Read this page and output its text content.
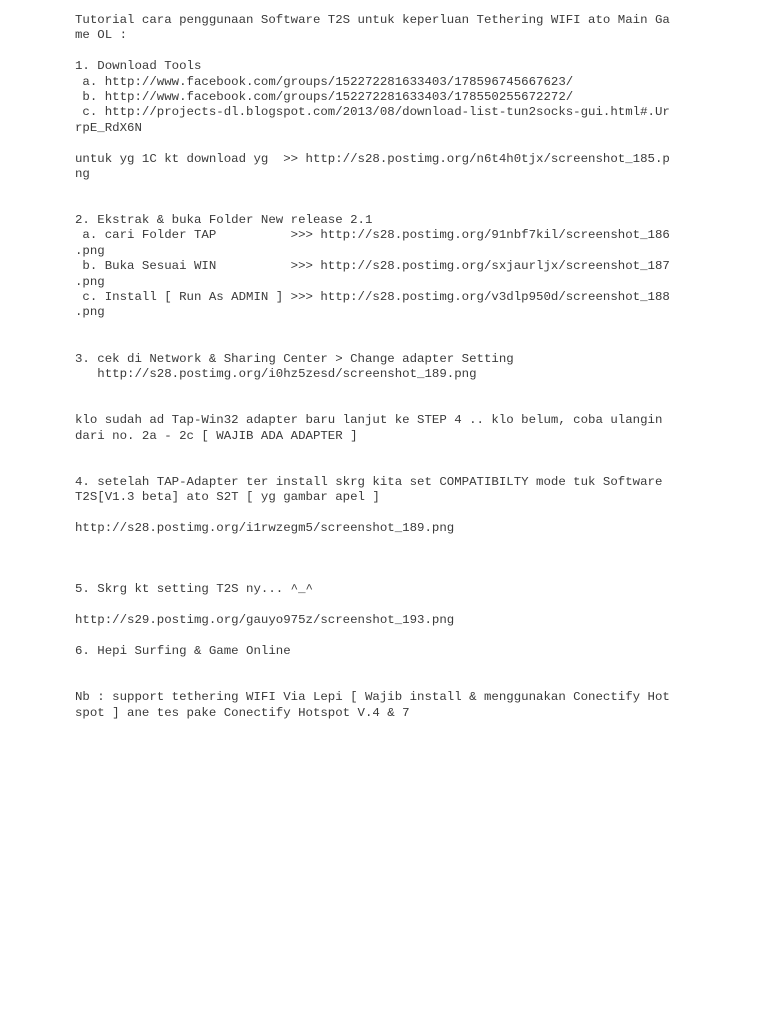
Tutorial cara penggunaan Software T2S untuk keperluan Tethering WIFI ato Main Ga
me OL :
1. Download Tools
a. http://www.facebook.com/groups/152272281633403/178596745667623/
b. http://www.facebook.com/groups/152272281633403/178550255672272/
c. http://projects-dl.blogspot.com/2013/08/download-list-tun2socks-gui.html#.Ur
rpE_RdX6N
untuk yg 1C kt download yg  >> http://s28.postimg.org/n6t4h0tjx/screenshot_185.p
ng
2. Ekstrak & buka Folder New release 2.1
a. cari Folder TAP          >>> http://s28.postimg.org/91nbf7kil/screenshot_186
.png
b. Buka Sesuai WIN          >>> http://s28.postimg.org/sxjaurljx/screenshot_187
.png
c. Install [ Run As ADMIN ] >>> http://s28.postimg.org/v3dlp950d/screenshot_188
.png
3. cek di Network & Sharing Center > Change adapter Setting
http://s28.postimg.org/i0hz5zesd/screenshot_189.png
klo sudah ad Tap-Win32 adapter baru lanjut ke STEP 4 .. klo belum, coba ulangin
dari no. 2a - 2c [ WAJIB ADA ADAPTER ]
4. setelah TAP-Adapter ter install skrg kita set COMPATIBILTY mode tuk Software
T2S[V1.3 beta] ato S2T [ yg gambar apel ]
http://s28.postimg.org/i1rwzegm5/screenshot_189.png
5. Skrg kt setting T2S ny... ^_^
http://s29.postimg.org/gauyo975z/screenshot_193.png
6. Hepi Surfing & Game Online
Nb : support tethering WIFI Via Lepi [ Wajib install & menggunakan Conectify Hot
spot ] ane tes pake Conectify Hotspot V.4 & 7
